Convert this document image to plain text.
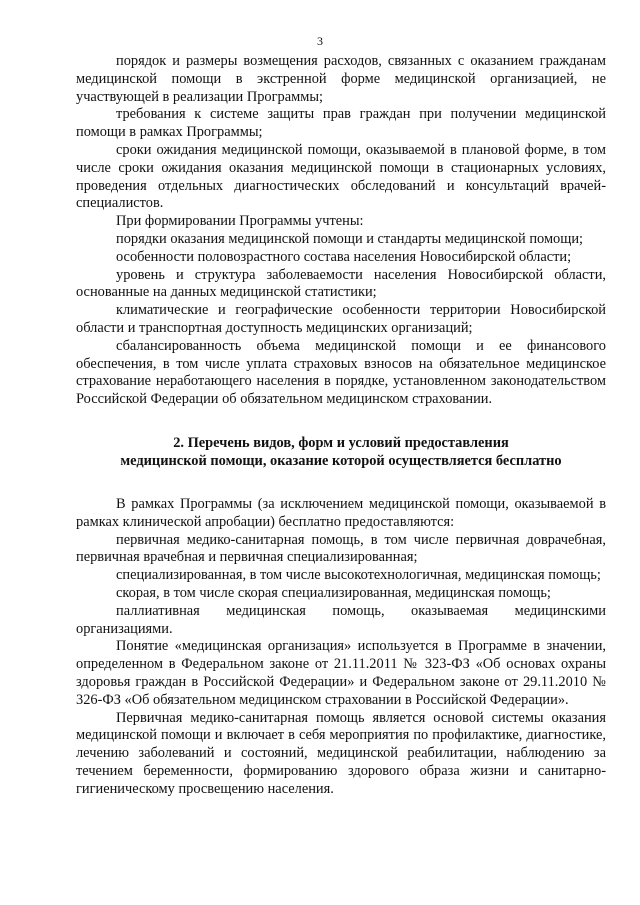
3

порядок и размеры возмещения расходов, связанных с оказанием гражданам медицинской помощи в экстренной форме медицинской организацией, не участвующей в реализации Программы;

требования к системе защиты прав граждан при получении медицинской помощи в рамках Программы;

сроки ожидания медицинской помощи, оказываемой в плановой форме, в том числе сроки ожидания оказания медицинской помощи в стационарных условиях, проведения отдельных диагностических обследований и консультаций врачей-специалистов.

При формировании Программы учтены:

порядки оказания медицинской помощи и стандарты медицинской помощи;

особенности половозрастного состава населения Новосибирской области;

уровень и структура заболеваемости населения Новосибирской области, основанные на данных медицинской статистики;

климатические и географические особенности территории Новосибирской области и транспортная доступность медицинских организаций;

сбалансированность объема медицинской помощи и ее финансового обеспечения, в том числе уплата страховых взносов на обязательное медицинское страхование неработающего населения в порядке, установленном законодательством Российской Федерации об обязательном медицинском страховании.

2. Перечень видов, форм и условий предоставления
медицинской помощи, оказание которой осуществляется бесплатно

В рамках Программы (за исключением медицинской помощи, оказываемой в рамках клинической апробации) бесплатно предоставляются:

первичная медико-санитарная помощь, в том числе первичная доврачебная, первичная врачебная и первичная специализированная;

специализированная, в том числе высокотехнологичная, медицинская помощь;

скорая, в том числе скорая специализированная, медицинская помощь;

паллиативная медицинская помощь, оказываемая медицинскими организациями.

Понятие «медицинская организация» используется в Программе в значении, определенном в Федеральном законе от 21.11.2011 № 323-ФЗ «Об основах охраны здоровья граждан в Российской Федерации» и Федеральном законе от 29.11.2010 № 326-ФЗ «Об обязательном медицинском страховании в Российской Федерации».

Первичная медико-санитарная помощь является основой системы оказания медицинской помощи и включает в себя мероприятия по профилактике, диагностике, лечению заболеваний и состояний, медицинской реабилитации, наблюдению за течением беременности, формированию здорового образа жизни и санитарно-гигиеническому просвещению населения.
